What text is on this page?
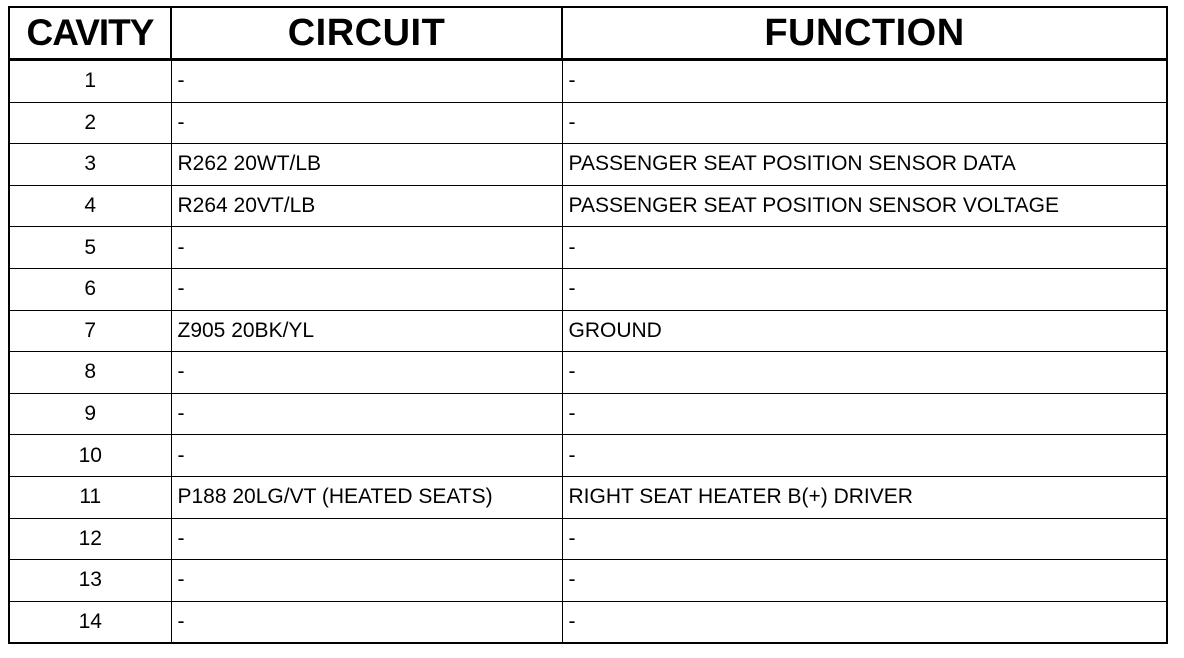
CAVITY	CIRCUIT	FUNCTION
1	-	-
2	-	-
3	R262 20WT/LB	PASSENGER SEAT POSITION SENSOR DATA
4	R264 20VT/LB	PASSENGER SEAT POSITION SENSOR VOLTAGE
5	-	-
6	-	-
7	Z905 20BK/YL	GROUND
8	-	-
9	-	-
10	-	-
11	P188 20LG/VT (HEATED SEATS)	RIGHT SEAT HEATER B(+) DRIVER
12	-	-
13	-	-
14	-	-
